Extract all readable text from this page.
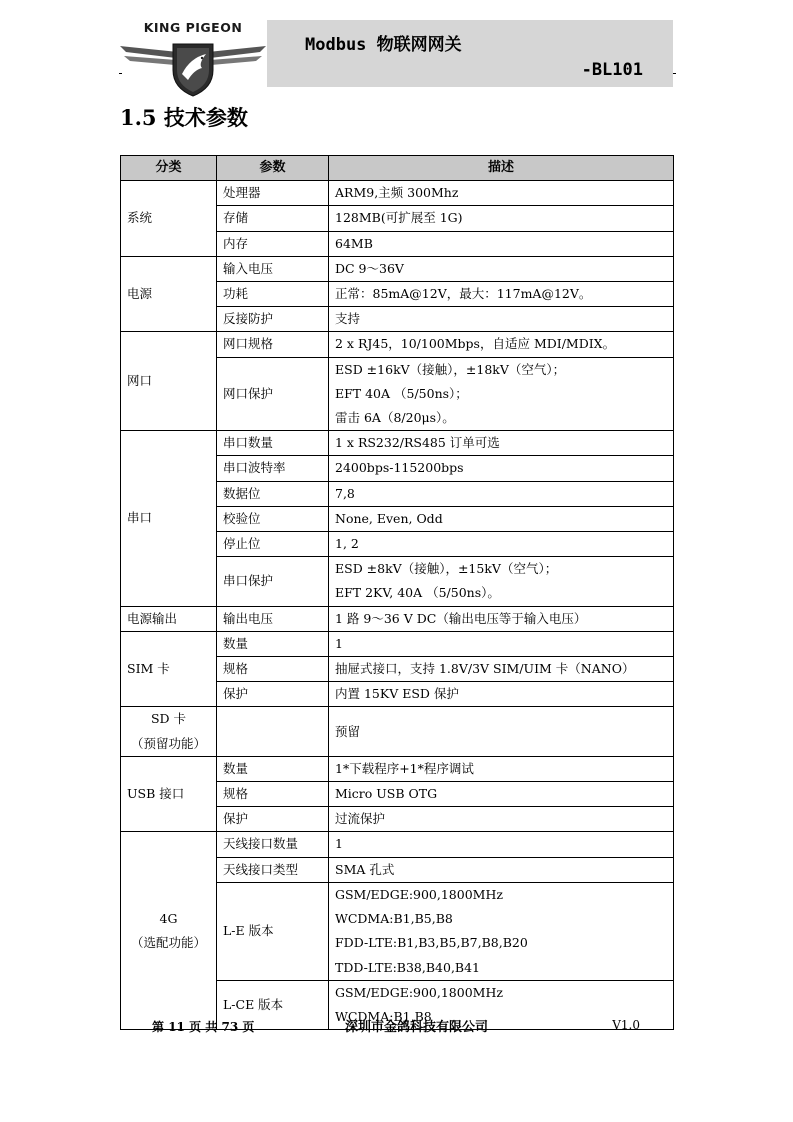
KING PIGEON
Modbus 物联网网关
-BL101
1.5 技术参数
分类	参数	描述
系统	处理器	ARM9,主频 300Mhz
	存储	128MB(可扩展至 1G)
	内存	64MB
电源	输入电压	DC 9～36V
	功耗	正常：85mA@12V，最大：117mA@12V。
	反接防护	支持
网口	网口规格	2 x RJ45，10/100Mbps，自适应 MDI/MDIX。
	网口保护	ESD ±16kV（接触），±18kV（空气）；
EFT 40A （5/50ns）；
雷击 6A（8/20μs）。

串口	串口数量	1 x RS232/RS485 订单可选
	串口波特率	2400bps-115200bps
	数据位	7,8
	校验位	None, Even, Odd
	停止位	1, 2
	串口保护	ESD ±8kV（接触），±15kV（空气）；
EFT 2KV, 40A （5/50ns）。

电源输出	输出电压	1 路 9～36 V DC（输出电压等于输入电压）
SIM 卡	数量	1
	规格	抽屉式接口，支持 1.8V/3V SIM/UIM 卡（NANO）
	保护	内置 15KV ESD 保护

SD 卡
（预留功能）		预留
USB 接口	数量	1*下载程序+1*程序调试
	规格	Micro USB OTG
	保护	过流保护

4G
（选配功能）	天线接口数量	1
	天线接口类型	SMA 孔式
	L-E 版本	GSM/EDGE:900,1800MHz
WCDMA:B1,B5,B8
FDD-LTE:B1,B3,B5,B7,B8,B20
TDD-LTE:B38,B40,B41

	L-CE 版本	GSM/EDGE:900,1800MHz
WCDMA:B1,B8
第 11 页 共 73 页	深圳市金鸽科技有限公司	V1.0
